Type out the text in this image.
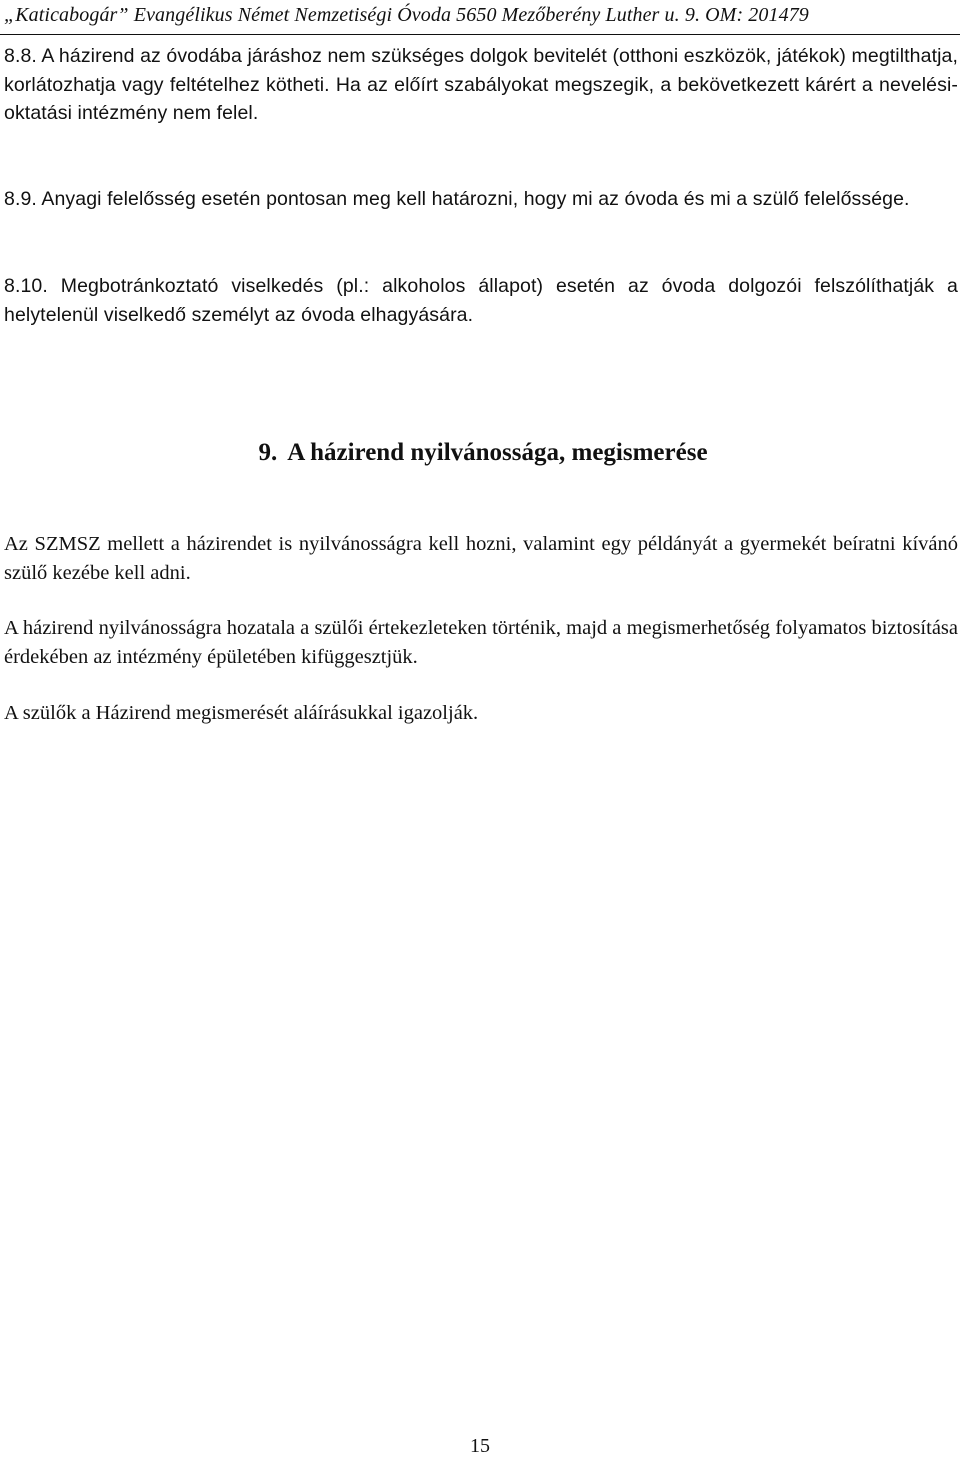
„Katicabogár” Evangélikus Német Nemzetiségi Óvoda 5650 Mezőberény Luther u. 9. OM: 201479
8.8. A házirend az óvodába járáshoz nem szükséges dolgok bevitelét (otthoni eszközök, játékok) megtilthatja, korlátozhatja vagy feltételhez kötheti. Ha az előírt szabályokat megszegik, a bekövetkezett kárért a nevelési-oktatási intézmény nem felel.
8.9. Anyagi felelősség esetén pontosan meg kell határozni, hogy mi az óvoda és mi a szülő felelőssége.
8.10. Megbotránkoztató viselkedés (pl.: alkoholos állapot) esetén az óvoda dolgozói felszólíthatják a helytelenül viselkedő személyt az óvoda elhagyására.
9. A házirend nyilvánossága, megismerése
Az SZMSZ mellett a házirendet is nyilvánosságra kell hozni, valamint egy példányát a gyermekét beíratni kívánó szülő kezébe kell adni.
A házirend nyilvánosságra hozatala a szülői értekezleteken történik, majd a megismerhetőség folyamatos biztosítása érdekében az intézmény épületében kifüggesztjük.
A szülők a Házirend megismerését aláírásukkal igazolják.
15
